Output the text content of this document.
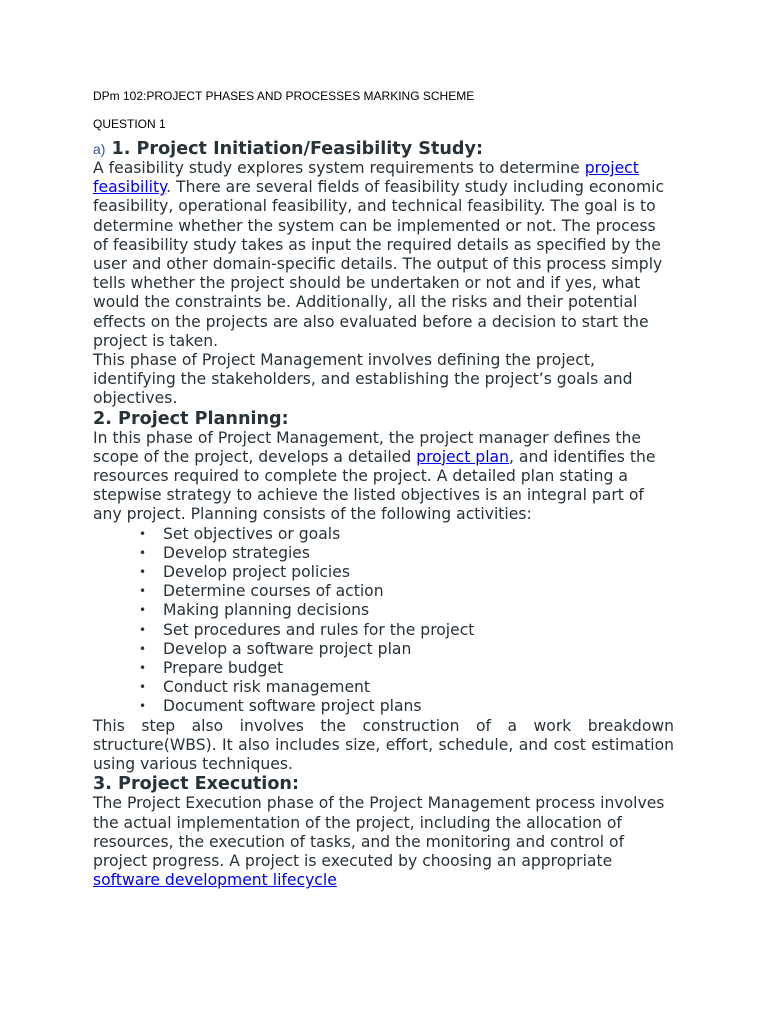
DPm 102:PROJECT PHASES AND PROCESSES MARKING SCHEME

QUESTION 1

a) 1. Project Initiation/Feasibility Study:

A feasibility study explores system requirements to determine project feasibility. There are several fields of feasibility study including economic feasibility, operational feasibility, and technical feasibility. The goal is to determine whether the system can be implemented or not. The process of feasibility study takes as input the required details as specified by the user and other domain-specific details. The output of this process simply tells whether the project should be undertaken or not and if yes, what would the constraints be. Additionally, all the risks and their potential effects on the projects are also evaluated before a decision to start the project is taken.

This phase of Project Management involves defining the project, identifying the stakeholders, and establishing the project’s goals and objectives.

2. Project Planning:

In this phase of Project Management, the project manager defines the scope of the project, develops a detailed project plan, and identifies the resources required to complete the project. A detailed plan stating a stepwise strategy to achieve the listed objectives is an integral part of any project. Planning consists of the following activities:

• Set objectives or goals
• Develop strategies
• Develop project policies
• Determine courses of action
• Making planning decisions
• Set procedures and rules for the project
• Develop a software project plan
• Prepare budget
• Conduct risk management
• Document software project plans

This step also involves the construction of a work breakdown structure(WBS). It also includes size, effort, schedule, and cost estimation using various techniques.

3. Project Execution:

The Project Execution phase of the Project Management process involves the actual implementation of the project, including the allocation of resources, the execution of tasks, and the monitoring and control of project progress. A project is executed by choosing an appropriate software development lifecycle
